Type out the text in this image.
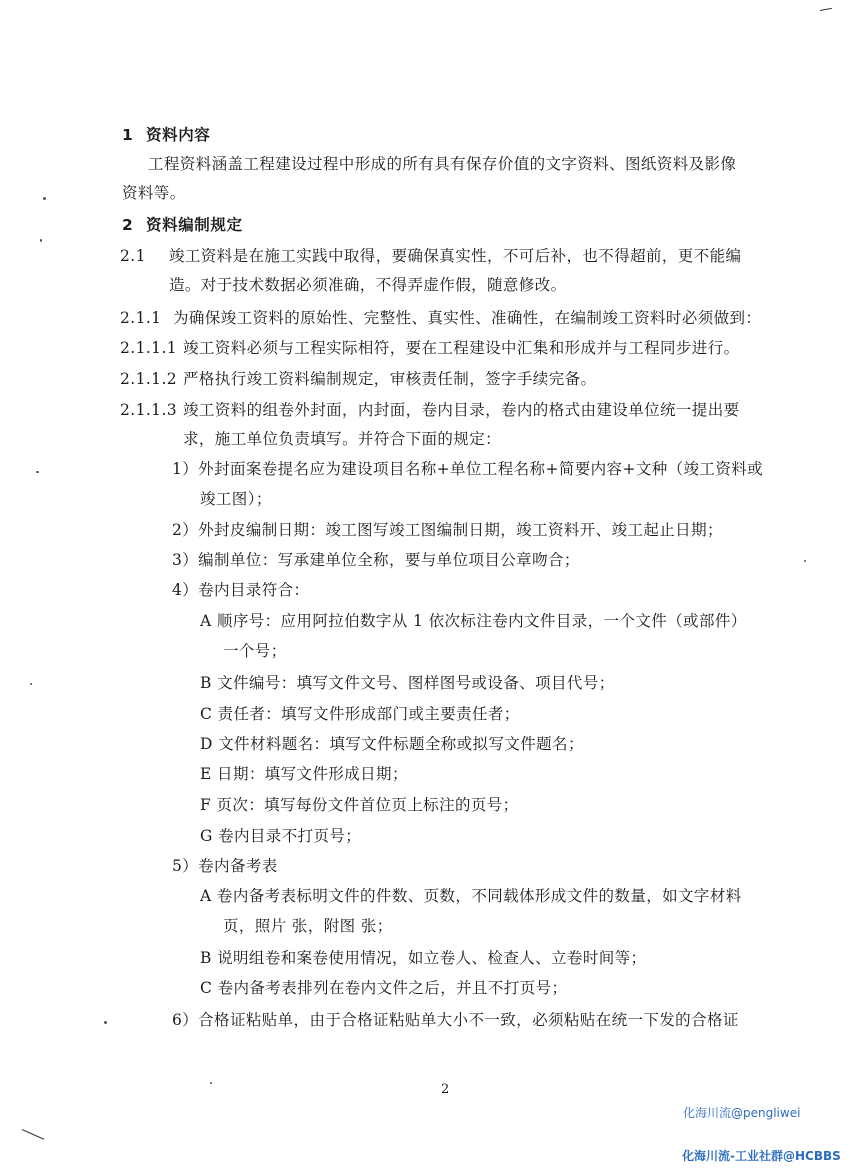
1 资料内容
工程资料涵盖工程建设过程中形成的所有具有保存价值的文字资料、图纸资料及影像
资料等。
2 资料编制规定
2.1 竣工资料是在施工实践中取得，要确保真实性，不可后补，也不得超前，更不能编
造。对于技术数据必须准确，不得弄虚作假，随意修改。
2.1.1 为确保竣工资料的原始性、完整性、真实性、准确性，在编制竣工资料时必须做到：
2.1.1.1 竣工资料必须与工程实际相符，要在工程建设中汇集和形成并与工程同步进行。
2.1.1.2 严格执行竣工资料编制规定，审核责任制，签字手续完备。
2.1.1.3 竣工资料的组卷外封面，内封面，卷内目录，卷内的格式由建设单位统一提出要
求，施工单位负责填写。并符合下面的规定：
1）外封面案卷提名应为建设项目名称+单位工程名称+简要内容+文种（竣工资料或
竣工图）；
2）外封皮编制日期：竣工图写竣工图编制日期，竣工资料开、竣工起止日期；
3）编制单位：写承建单位全称，要与单位项目公章吻合；
4）卷内目录符合：
A 顺序号：应用阿拉伯数字从 1 依次标注卷内文件目录，一个文件（或部件）
一个号；
B 文件编号：填写文件文号、图样图号或设备、项目代号；
C 责任者：填写文件形成部门或主要责任者；
D 文件材料题名：填写文件标题全称或拟写文件题名；
E 日期：填写文件形成日期；
F 页次：填写每份文件首位页上标注的页号；
G 卷内目录不打页号；
5）卷内备考表
A 卷内备考表标明文件的件数、页数，不同载体形成文件的数量，如文字材料
页，照片 张，附图 张；
B 说明组卷和案卷使用情况，如立卷人、检查人、立卷时间等；
C 卷内备考表排列在卷内文件之后，并且不打页号；
6）合格证粘贴单，由于合格证粘贴单大小不一致，必须粘贴在统一下发的合格证
2
化海川流@pengliwei
化海川流-工业社群@HCBBS
